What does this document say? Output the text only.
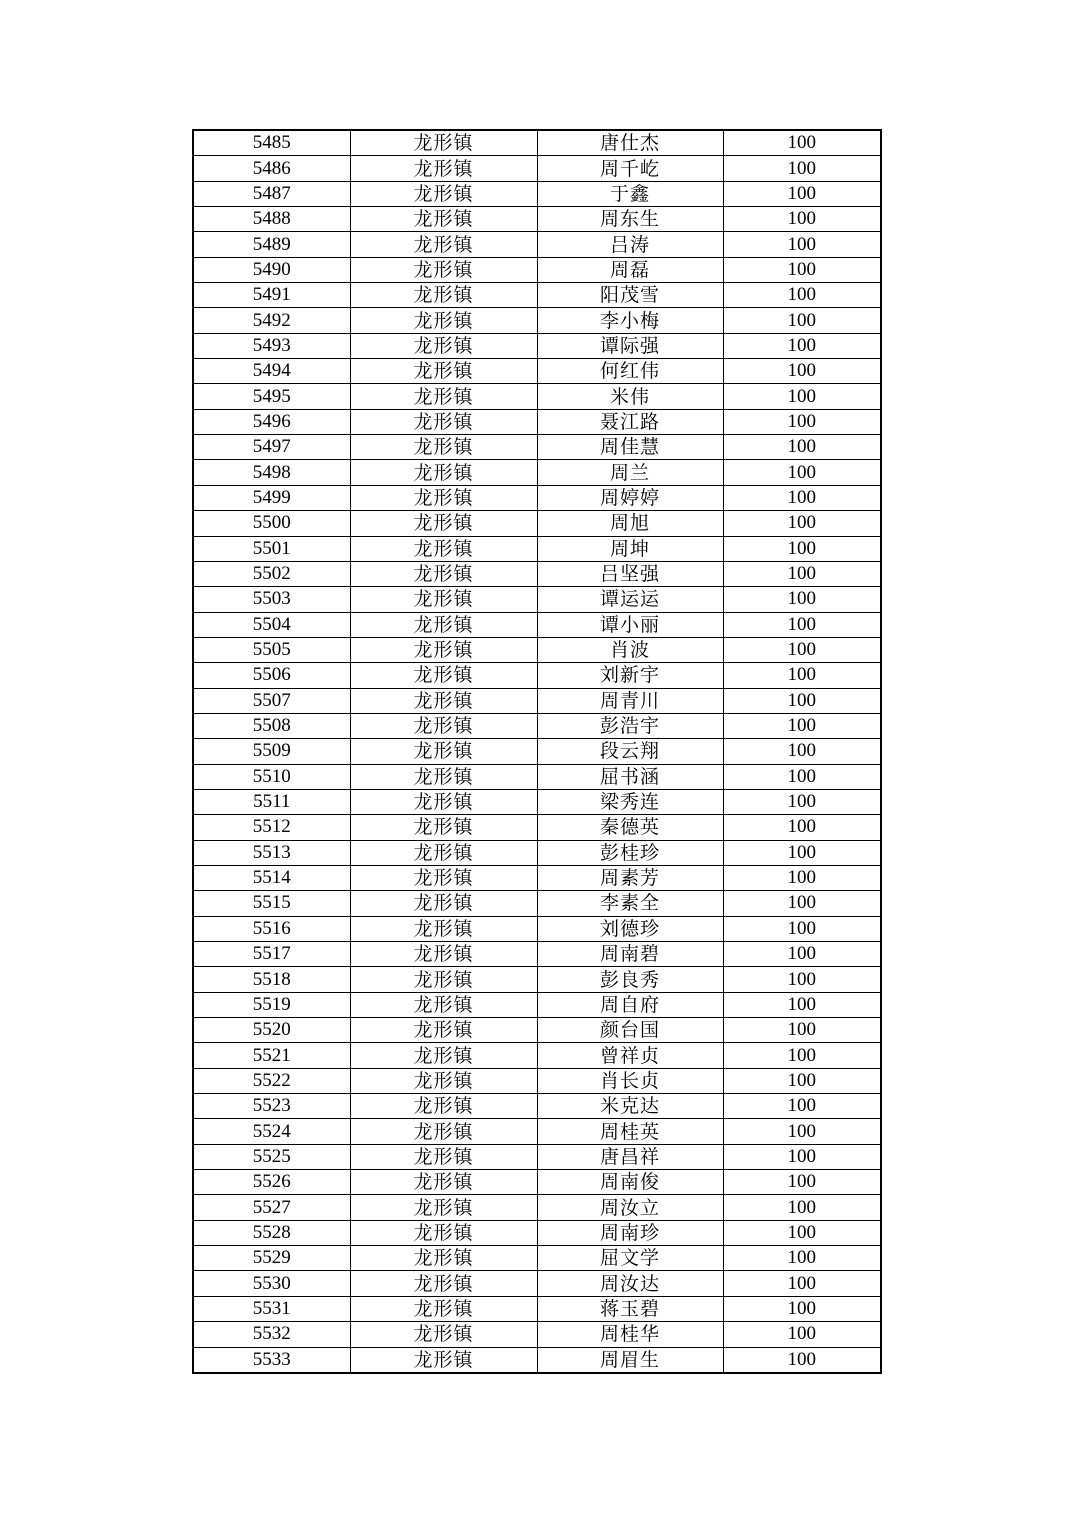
5485	龙形镇	唐仕杰	100
5486	龙形镇	周千屹	100
5487	龙形镇	于鑫	100
5488	龙形镇	周东生	100
5489	龙形镇	吕涛	100
5490	龙形镇	周磊	100
5491	龙形镇	阳茂雪	100
5492	龙形镇	李小梅	100
5493	龙形镇	谭际强	100
5494	龙形镇	何红伟	100
5495	龙形镇	米伟	100
5496	龙形镇	聂江路	100
5497	龙形镇	周佳慧	100
5498	龙形镇	周兰	100
5499	龙形镇	周婷婷	100
5500	龙形镇	周旭	100
5501	龙形镇	周坤	100
5502	龙形镇	吕坚强	100
5503	龙形镇	谭运运	100
5504	龙形镇	谭小丽	100
5505	龙形镇	肖波	100
5506	龙形镇	刘新宇	100
5507	龙形镇	周青川	100
5508	龙形镇	彭浩宇	100
5509	龙形镇	段云翔	100
5510	龙形镇	屈书涵	100
5511	龙形镇	梁秀连	100
5512	龙形镇	秦德英	100
5513	龙形镇	彭桂珍	100
5514	龙形镇	周素芳	100
5515	龙形镇	李素全	100
5516	龙形镇	刘德珍	100
5517	龙形镇	周南碧	100
5518	龙形镇	彭良秀	100
5519	龙形镇	周自府	100
5520	龙形镇	颜台国	100
5521	龙形镇	曾祥贞	100
5522	龙形镇	肖长贞	100
5523	龙形镇	米克达	100
5524	龙形镇	周桂英	100
5525	龙形镇	唐昌祥	100
5526	龙形镇	周南俊	100
5527	龙形镇	周汝立	100
5528	龙形镇	周南珍	100
5529	龙形镇	屈文学	100
5530	龙形镇	周汝达	100
5531	龙形镇	蒋玉碧	100
5532	龙形镇	周桂华	100
5533	龙形镇	周眉生	100
